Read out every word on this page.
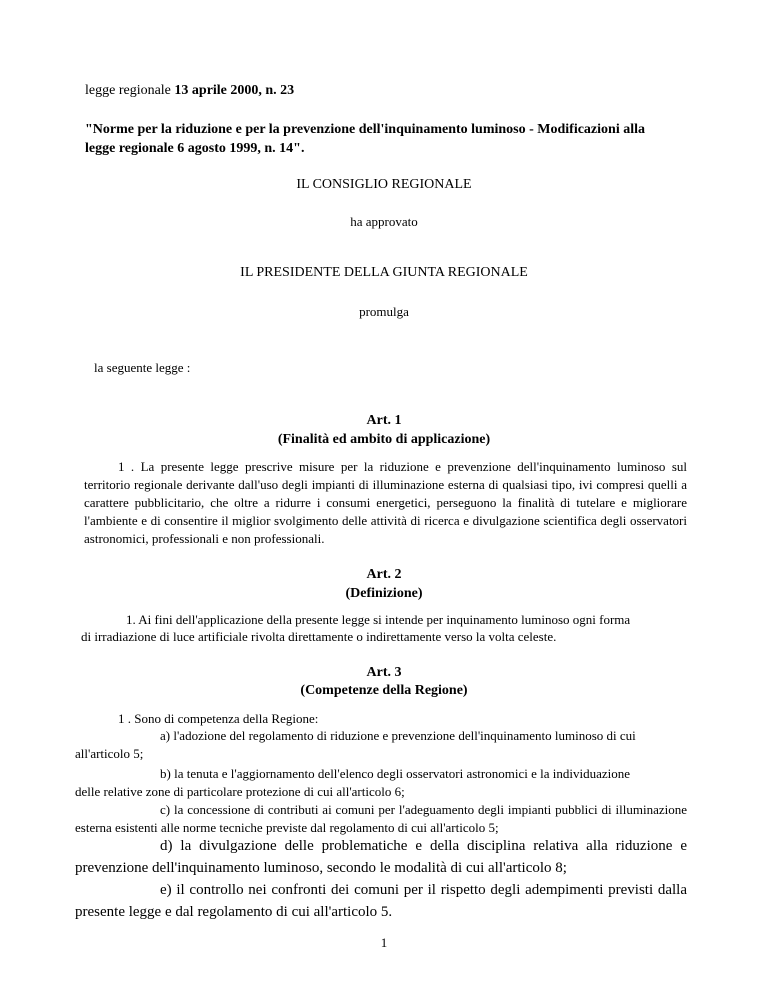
legge regionale 13 aprile 2000, n. 23

"Norme per la riduzione e per la prevenzione dell'inquinamento luminoso - Modificazioni alla

legge regionale 6 agosto 1999, n. 14".

IL CONSIGLIO REGIONALE

ha approvato

IL PRESIDENTE DELLA GIUNTA REGIONALE

promulga

la seguente legge :

Art. 1

(Finalità ed ambito di applicazione)

1 . La presente legge prescrive misure per la riduzione e prevenzione dell'inquinamento luminoso sul territorio regionale derivante dall'uso degli impianti di illuminazione esterna di qualsiasi tipo, ivi compresi quelli a carattere pubblicitario, che oltre a ridurre i consumi energetici, perseguono la finalità di tutelare e migliorare l'ambiente e di consentire il miglior svolgimento delle attività di ricerca e divulgazione scientifica degli osservatori astronomici, professionali e non professionali.

Art. 2

(Definizione)

1. Ai fini dell'applicazione della presente legge si intende per inquinamento luminoso ogni forma

di irradiazione di luce artificiale rivolta direttamente o indirettamente verso la volta celeste.

Art. 3

(Competenze della Regione)

1 . Sono di competenza della Regione:

a) l'adozione del regolamento di riduzione e prevenzione dell'inquinamento luminoso di cui

all'articolo 5;

b) la tenuta e l'aggiornamento dell'elenco degli osservatori astronomici e la individuazione

delle relative zone di particolare protezione di cui all'articolo 6;

c) la concessione di contributi ai comuni per l'adeguamento degli impianti pubblici di illuminazione esterna esistenti alle norme tecniche previste dal regolamento di cui all'articolo 5;

d) la divulgazione delle problematiche e della disciplina relativa alla riduzione e prevenzione dell'inquinamento luminoso, secondo le modalità di cui all'articolo 8;

e) il controllo nei confronti dei comuni per il rispetto degli adempimenti previsti dalla presente legge e dal regolamento di cui all'articolo 5.

1
